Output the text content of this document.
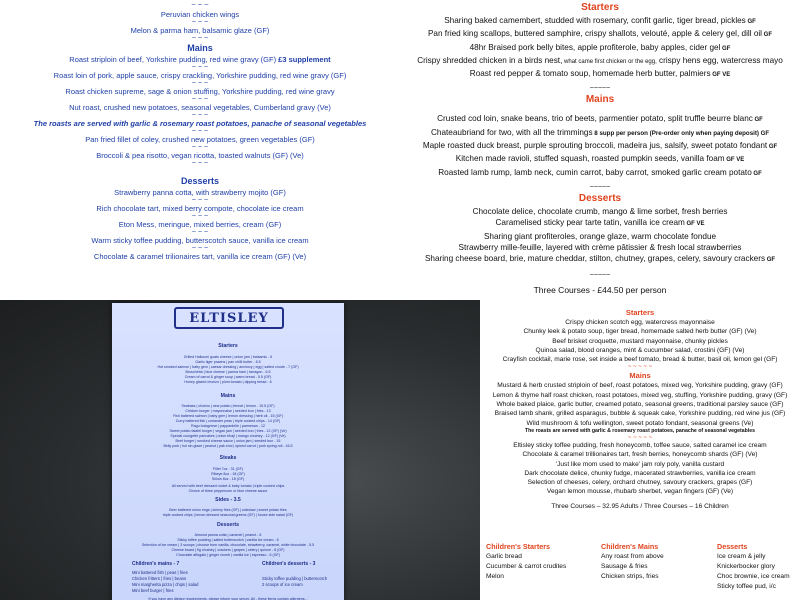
~ ~ ~
Peruvian chicken wings
~ ~ ~
Melon & parma ham, balsamic glaze (GF)
~ ~ ~
Mains
Roast striploin of beef, Yorkshire pudding, red wine gravy (GF) £3 supplement
~ ~ ~
Roast loin of pork, apple sauce, crispy crackling, Yorkshire pudding, red wine gravy (GF)
~ ~ ~
Roast chicken supreme, sage & onion stuffing, Yorkshire pudding, red wine gravy
~ ~ ~
Nut roast, crushed new potatoes, seasonal vegetables, Cumberland gravy (Ve)
~ ~ ~
The roasts are served with garlic & rosemary roast potatoes, panache of seasonal vegetables
~ ~ ~
Pan fried fillet of coley, crushed new potatoes, green vegetables (GF)
~ ~ ~
Broccoli & pea risotto, vegan ricotta, toasted walnuts (GF) (Ve)
~ ~ ~
Desserts
Strawberry panna cotta, with strawberry mojito (GF)
~ ~ ~
Rich chocolate tart, mixed berry compote, chocolate ice cream
~ ~ ~
Eton Mess, meringue, mixed berries, cream (GF)
~ ~ ~
Warm sticky toffee pudding, butterscotch sauce, vanilla ice cream
~ ~ ~
Chocolate & caramel trilionaires tart, vanilla ice cream (GF) (Ve)
Starters
Sharing baked camembert, studded with rosemary, confit garlic, tiger bread, pickles GF
Pan fried king scallops, buttered samphire, crispy shallots, velouté, apple & celery gel, dill oil GF
48hr Braised pork belly bites, apple profiterole, baby apples, cider gel GF
Crispy shredded chicken in a birds nest, what came first chicken or the egg, crispy hens egg, watercress mayo
Roast red pepper & tomato soup, homemade herb butter, palmiers GF VE
~~~~~
Mains
Crusted cod loin, snake beans, trio of beets, parmentier potato, split truffle beurre blanc GF
Chateaubriand for two, with all the trimmings 8 supp per person (Pre-order only when paying deposit) GF
Maple roasted duck breast, purple sprouting broccoli, madeira jus, salsify, sweet potato fondant GF
Kitchen made ravioli, stuffed squash, roasted pumpkin seeds, vanilla foam GF VE
Roasted lamb rump, lamb neck, cumin carrot, baby carrot, smoked garlic cream potato GF
~~~~~
Desserts
Chocolate delice, chocolate crumb, mango & lime sorbet, fresh berries
Caramelised sticky pear tarte tatin, vanilla ice cream GF VE
Sharing giant profiteroles, orange glaze, warm chocolate fondue
Strawberry mille-feuille, layered with crème pâtissier & fresh local strawberries
Sharing cheese board, brie, mature cheddar, stilton, chutney, grapes, celery, savoury crackers GF
~~~~~
Three Courses - £44.50 per person
ELTISLEY
Starters
Grilled Halloumi goats cheese | onion jam | balsamic - 6
Garlic tiger prawns | pan chilli butter - 8.5
Hot smoked salmon | baby gem | caesar dressing | anchovy | egg | salted croute - 7 (GF)
Bruschetta | blue cheese | parma ham | tarragon - 6.5
Cream of carrot & ginger soup | warm bread - 5.5 (GF)
Honey glazed chorizo | plum tomato | dipping bread - 6
Mains
Seabass | chorizo | new potato | fennel | lemon - 15.5 (GF)
Chicken burger | mayonnaise | seeded bun | fries - 13
Fish battered salmon | baby gem | lemon dressing | herb oil - 15 (GF)
Curry battered fish | coriander peas | triple cooked chips - 14 (GF)
Ragu bolognese | pappardelle | parmesan - 12
Sweet potato falafel burger | vegan jam | seeded bun | fries - 12 (GF) (Ve)
Special courgette pancakes | onion bhaji | mango chutney - 12 (GF) (Ve)
Beef burger | smoked cheese sauce | onion jam | seeded bun - 15
Belly pork | hoi sin glaze | peanut | pak choi | spiced carrot | pork spring roll - 16.5
Steaks
Fillet 7oz - 31 (GF)
Ribeye 8oz - 18 (GF)
Sirloin 8oz - 18 (GF)
All served with beef dressed rocket & baby tomato | triple cooked chips
Choice of three peppercorn or blue cheese sauce
Sides - 3.5
Beer battered onion rings | skinny fries (GF) | coleslaw | sweet potato fries
triple cooked chips | lemon dressed seasonal greens (GF) | house side salad (GF)
Desserts
Almond panna cotta | caramel | peanut - 6
Sticky toffee pudding | salted butterscotch | vanilla ice cream - 6
Selection of ice cream | 3 scoops | choose from vanilla, chocolate, strawberry, caramel, white chocolate - 5.5
Cheese board | fig chutney | crackers | grapes | celery | quince - 8 (GF)
Chocolate affogato | ginger crumb | vanilla ice | espresso - 6 (GF)
Children's mains - 7
Mini battered fish | peas | fries
Chicken fritters | fries | beans
Mini margherita pizza | chips | salad
Mini beef burger | fries
Children's desserts - 3
Sticky toffee pudding | butterscotch
2 scoops of ice cream
If you have any dietary requirements, please inform your server. All - these items contain allergens...
Starters
Crispy chicken scotch egg, watercress mayonnaise
Chunky leek & potato soup, tiger bread, homemade salted herb butter (GF) (Ve)
Beef brisket croquette, mustard mayonnaise, chunky pickles
Quinoa salad, blood oranges, mint & cucumber salad, crostini (GF) (Ve)
Crayfish cocktail, marie rose, set inside a beef tomato, bread & butter, basil oil, lemon gel (GF)
~ ~ ~ ~ ~
Mains
Mustard & herb crusted striploin of beef, roast potatoes, mixed veg, Yorkshire pudding, gravy (GF)
Lemon & thyme half roast chicken, roast potatoes, mixed veg, stuffing, Yorkshire pudding, gravy (GF)
Whole baked plaice, garlic butter, creamed potato, seasonal greens, traditional parsley sauce (GF)
Braised lamb shank, grilled asparagus, bubble & squeak cake, Yorkshire pudding, red wine jus (GF)
Wild mushroom & tofu wellington, sweet potato fondant, seasonal greens (Ve)
The roasts are served with garlic & rosemary roast potatoes, panache of seasonal vegetables
~ ~ ~ ~ ~
Eltisley sticky toffee pudding, fresh honeycomb, toffee sauce, salted caramel ice cream
Chocolate & caramel trillionaires tart, fresh berries, honeycomb shards (GF) (Ve)
'Just like mom used to make' jam roly poly, vanilla custard
Dark chocolate delice, chunky fudge, macerated strawberries, vanilla ice cream
Selection of cheeses, celery, orchard chutney, savoury crackers, grapes (GF)
Vegan lemon mousse, rhubarb sherbet, vegan fingers (GF) (Ve)
Three Courses – 32.95 Adults / Three Courses – 16 Children
Children's Starters
Garlic bread
Cucumber & carrot crudites
Melon
Children's Mains
Any roast from above
Sausage & fries
Chicken strips, fries
Desserts
Ice cream & jelly
Knickerbocker glory
Choc brownie, ice cream
Sticky toffee pud, i/c
